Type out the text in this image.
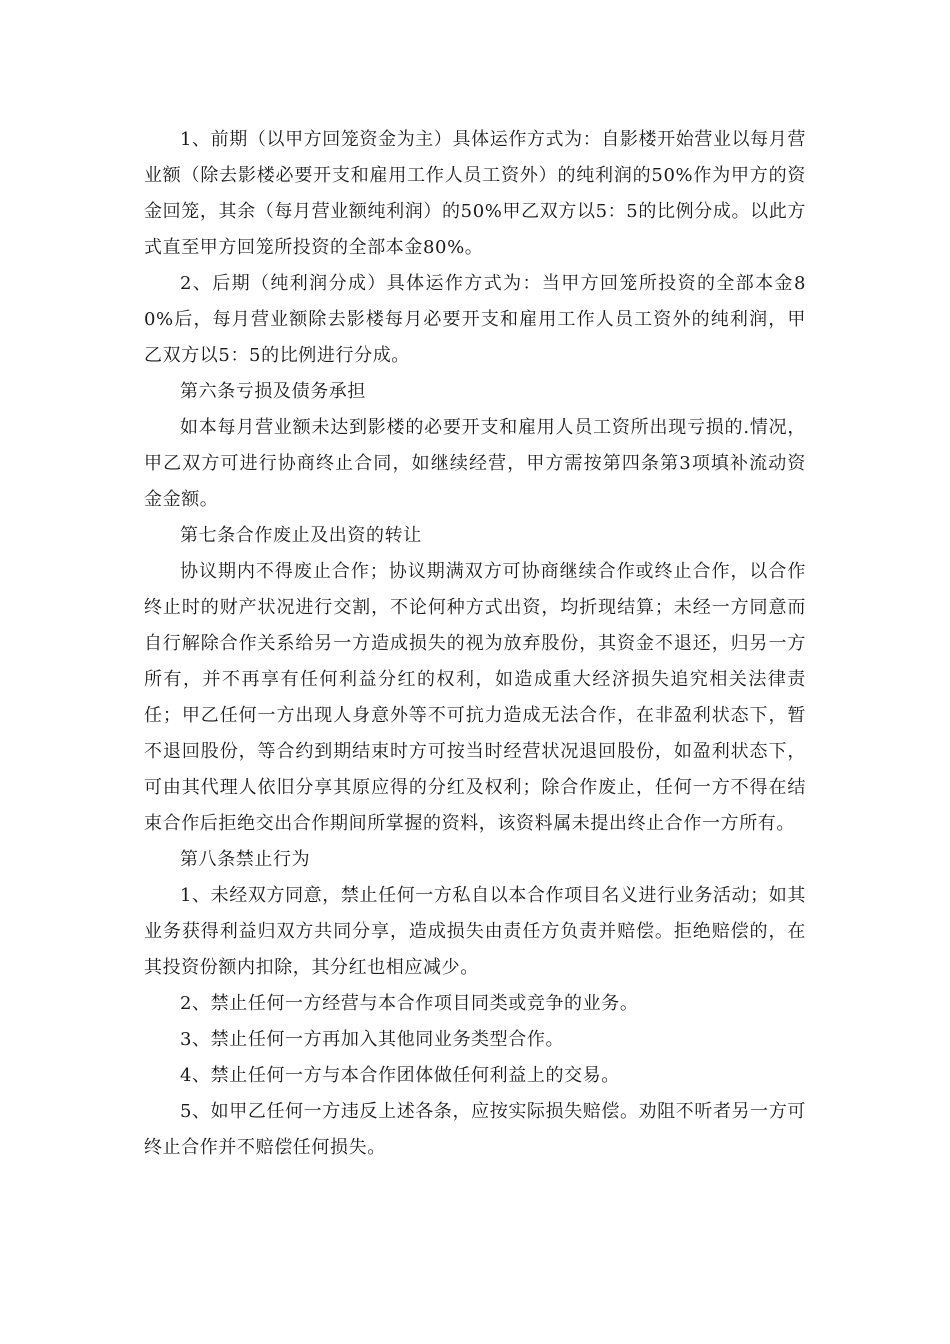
1、前期（以甲方回笼资金为主）具体运作方式为：自影楼开始营业以每月营业额（除去影楼必要开支和雇用工作人员工资外）的纯利润的50%作为甲方的资金回笼，其余（每月营业额纯利润）的50%甲乙双方以5：5的比例分成。以此方式直至甲方回笼所投资的全部本金80%。

2、后期（纯利润分成）具体运作方式为：当甲方回笼所投资的全部本金80%后，每月营业额除去影楼每月必要开支和雇用工作人员工资外的纯利润，甲乙双方以5：5的比例进行分成。

第六条亏损及债务承担

如本每月营业额未达到影楼的必要开支和雇用人员工资所出现亏损的.情况，甲乙双方可进行协商终止合同，如继续经营，甲方需按第四条第3项填补流动资金金额。

第七条合作废止及出资的转让

协议期内不得废止合作；协议期满双方可协商继续合作或终止合作，以合作终止时的财产状况进行交割，不论何种方式出资，均折现结算；未经一方同意而自行解除合作关系给另一方造成损失的视为放弃股份，其资金不退还，归另一方所有，并不再享有任何利益分红的权利，如造成重大经济损失追究相关法律责任；甲乙任何一方出现人身意外等不可抗力造成无法合作，在非盈利状态下，暂不退回股份，等合约到期结束时方可按当时经营状况退回股份，如盈利状态下，可由其代理人依旧分享其原应得的分红及权利；除合作废止，任何一方不得在结束合作后拒绝交出合作期间所掌握的资料，该资料属未提出终止合作一方所有。

第八条禁止行为

1、未经双方同意，禁止任何一方私自以本合作项目名义进行业务活动；如其业务获得利益归双方共同分享，造成损失由责任方负责并赔偿。拒绝赔偿的，在其投资份额内扣除，其分红也相应减少。

2、禁止任何一方经营与本合作项目同类或竞争的业务。

3、禁止任何一方再加入其他同业务类型合作。

4、禁止任何一方与本合作团体做任何利益上的交易。

5、如甲乙任何一方违反上述各条，应按实际损失赔偿。劝阻不听者另一方可终止合作并不赔偿任何损失。
